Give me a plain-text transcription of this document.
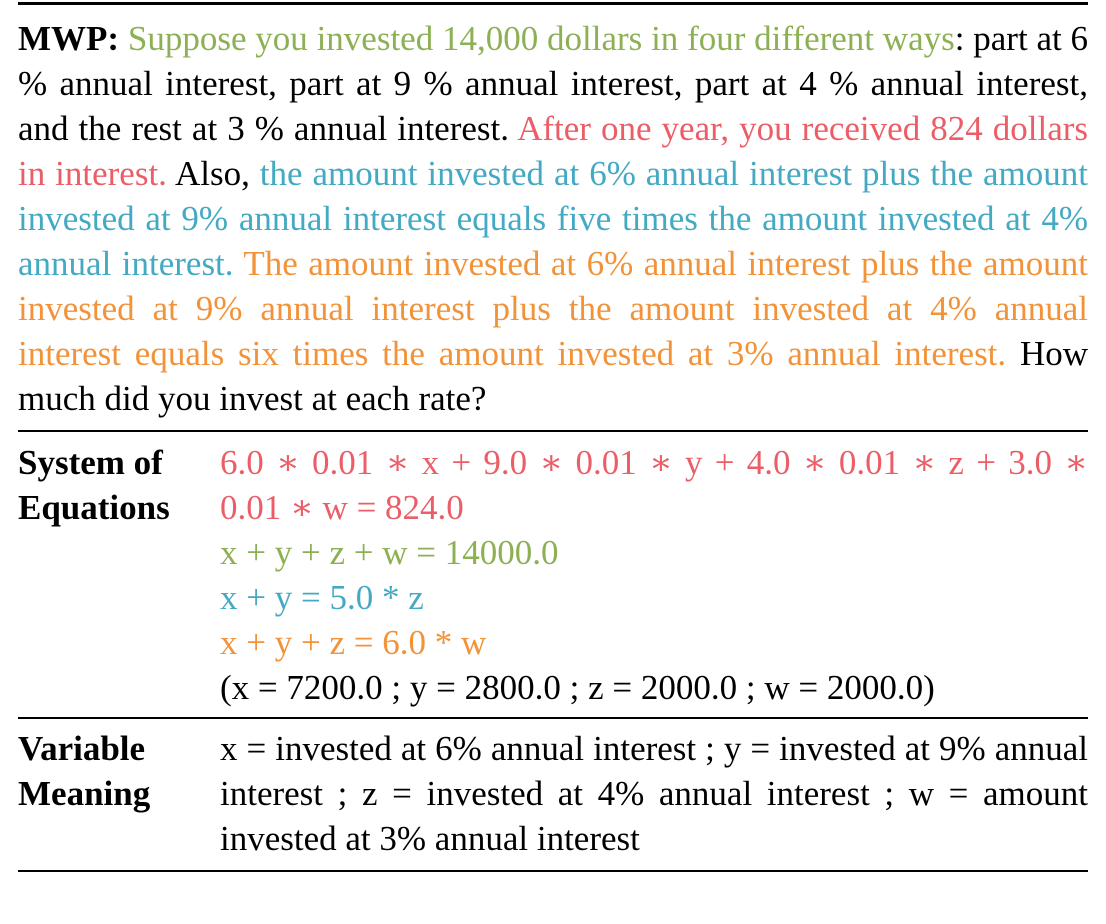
MWP: Suppose you invested 14,000 dollars in four different ways: part at 6 % annual interest, part at 9 % annual interest, part at 4 % annual interest, and the rest at 3 % annual interest. After one year, you received 824 dollars in interest. Also, the amount invested at 6% annual interest plus the amount invested at 9% annual interest equals five times the amount invested at 4% annual interest. The amount invested at 6% annual interest plus the amount invested at 9% annual interest plus the amount invested at 4% annual interest equals six times the amount invested at 3% annual interest. How much did you invest at each rate?
System of
Equations
6.0 ∗ 0.01 ∗ x + 9.0 ∗ 0.01 ∗ y + 4.0 ∗ 0.01 ∗ z + 3.0 ∗ 0.01 ∗ w = 824.0
x + y + z + w = 14000.0
x + y = 5.0 * z
x + y + z = 6.0 * w
(x = 7200.0 ; y = 2800.0 ; z = 2000.0 ; w = 2000.0)
Variable
Meaning
x = invested at 6% annual interest ; y = invested at 9% annual interest ; z = invested at 4% annual interest ; w = amount invested at 3% annual interest
